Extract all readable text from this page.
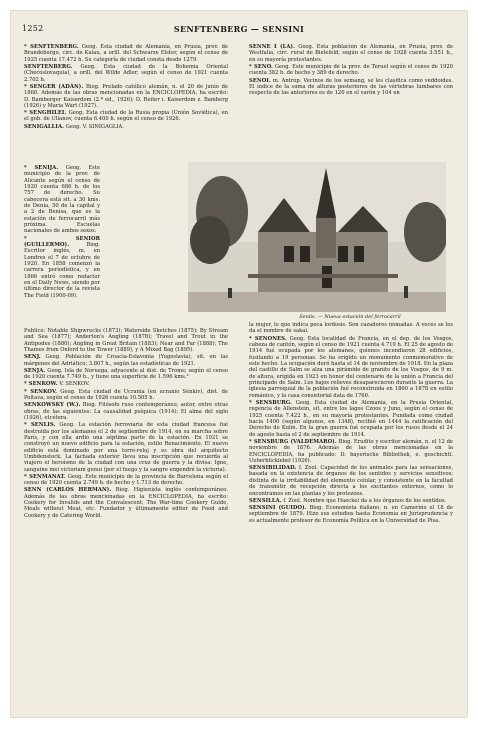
1252	SENFTENBERG — SENSINI

* SENFTENBERG. Geog. Esta ciudad de Alemania, en Prusia, prov. de Brandeburgo, circ. de Kalau, a orill. del Schwarze Elster, según el censo de 1925 cuenta 17.472 h. Su categoría de ciudad consta desde 1279.

SENFTENBERG. Geog. Esta ciudad de la Bohemia Oriental (Checoslovaquia), a orill. del Wilde Adler, según el censo de 1921 cuenta 2.702 h.

* SENGER (ADÁN). Biog. Prelado católico alemán, n. el 20 de junio de 1860. Además de las obras mencionadas en la ENCICLOPEDIA, ha escrito: D. Bamberger Kaiserdom (2.ª ed., 1926); D. Reiter i. Kaiserdom z. Bamberg (1926) y Maria Wart (1927).

* SENGHILEI. Geog. Esta ciudad de la Rusia propia (Unión Soviética), en el gob. de Ulianov, cuenta 6.400 h. según el censo de 1926.

SENIGALLIA. Geog. V. SINIGAGLIA.

* SENIJA. Geog. Este municipio de la prov. de Alicante según el censo de 1920 cuenta 686 h. de los 757 de derecho. Su cabecera está sit. a 30 kms. de Denia, 50 de la capital y a 2 de Benisa, que es la estación de ferrocarril más próxima. Escuelas nacionales de ambos sexos.

* SENIOR (GUILLERMO).	Biog. Escritor inglés, m. en Londres el 7 de octubre de 1920. En 1858 comenzó la carrera periodística, y en 1866 entró como redactor en el Daily News, siendo por último director de la revista The Field (1900-09).

Senlis. — Nueva estación del ferrocarril

Publicó: Notable Shipwrecks (1873); Waterside Sketches (1875); By Stream and Sea (1877); Anderton's Angling (1878); Travel and Trout in the Antipodes (1880); Angling in Great Britain (1883); Near and Far (1888); The Thames from Oxford to the Tower (1889), y A Mixed Bag (1895).

SENJ. Geog. Población de Croacia-Eslavonia (Yugoslavia), sit. en las márgenes del Adriático; 3.807 h., según las estadísticas de 1921.

SENJA. Geog. Isla de Noruega, adyacente al dist. de Troms; según el censo de 1920 cuenta 7.749 h., y tiene una superficie de 1.596 kms.²

* SENKOW. V. SENKOV.

* SENKOV. Geog. Esta ciudad de Ucrania (en ucranio Sénkiv), dist. de Poltava, según el censo de 1926 cuenta 10.505 h.

SENKOWSKY (W.). Biog. Filósofo ruso contemporáneo, autor, entre otras obras, de las siguientes: La causalidad psíquica (1914); El alma del siglo (1926), etcétera.

* SENLIS. Geog. La estación ferroviaria de esta ciudad francesa fué destruida por los alemanes el 2 de septiembre de 1914, en su marcha sobre París, y con ella ardió una séptima parte de la estación. En 1921 se construyó un nuevo edificio para la estación, estilo Renacimiento. El nuevo edificio está dominado por una torre-reloj y es obra del arquitecto Umbdenstock. La fachada exterior lleva una inscripción que recuerda al viajero el heroísmo de la ciudad con una cruz de guerra y la divisa: Igne, sanguine mei victoriam genui (por el fuego y la sangre engendré la victoria).

* SENMANAT. Geog. Este municipio de la provincia de Barcelona según el censo de 1920 cuenta 2.749 h. de hecho y 1.713 de derecho.

SENN (CARLOS HERMAN). Biog. Higienista inglés contemporáneo. Además de las obras mencionadas en la ENCICLOPEDIA, ha escrito: Cookery for Invalids and the Convalescent; The War-time Cookery Guide, Meals without Meat, etc. Fundador y últimamente editor de Food and Cookery y de Catering World.

SENNE I (LA). Geog. Esta población de Alemania, en Prusia, prov. de Westfalia, circ. rural de Bielefeld, según el censo de 1928 cuenta 3.551 h., en su mayoría protestantes.

* SENO. Geog. Este municipio de la prov. de Teruel según el censo de 1920 cuenta 382 h. de hecho y 389 de derecho.

SENOI. m. Antrop. Vecinos de los semang, se les clasifica como veddoides. El índice de la suma de alturas posteriores de las vértebras lumbares con respecto de las anteriores es de 120 en el varón y 104 en

la mujer, lo que indica poca lordosis. Son cazadores nómadas. A veces se les da el nombre de sakai.

* SENONES. Geog. Esta localidad de Francia, en el dep. de los Vosgos, cabeza de cantón, según el censo de 1921 cuenta 4.719 h. El 25 de agosto de 1914 fué ocupada por los alemanes, quienes incendiaron 28 edificios, fusilando a 19 personas. Se ha erigido un monumento conmemorativo de este hecho. La ocupación duró hasta el 14 de noviembre de 1918. En la plaza del castillo de Salm se alza una pirámide de granito de los Vosgos, de 9 m. de altura, erigida en 1923 en honor del centenario de la unión a Francia del principado de Salm. Los bajos relieves desaparecieron durante la guerra. La iglesia parroquial de la población fué reconstruida en 1860 a 1878 en estilo románico, y la casa consistorial data de 1760.

* SENSBURG. Geog. Esta ciudad de Alemania, en la Prusia Oriental, regencia de Allenstein, sit. entre los lagos Czoos y Juno, según el censo de 1925 cuenta 7.422 h., en su mayoría protestantes. Fundada como ciudad hacia 1400 (según algunos, en 1348), recibió en 1444 la ratificación del Derecho de Kulm. En la gran guerra fué ocupada por los rusos desde el 24 de agosto hasta el 2 de septiembre de 1914.

* SENSBURG (VALDEMARO). Biog. Erudito y escritor alemán, n. el 12 de noviembre de 1876. Además de las obras mencionadas en la ENCICLOPEDIA, ha publicado: D. bayerische Bibliothek, e. geschichtl. Ueberblicklebel (1926).

SENSIBILIDAD. f. Zool. Capacidad de los animales para las sensaciones, basada en la existencia de órganos de los sentidos y servicios sensitivos; distinta de la irritabilidad del elemento celular, y consistente en la facultad de transmitir de recepción directa a los excitantes externos, como lo encontramos en las plantas y los protozoos.

SENSILLA. f. Zool. Nombre que Haeckel da a los órganos de los sentidos.

SENSINI (GUIDO). Biog. Economista italiano, n. en Camerino el 18 de septiembre de 1879. Hizo sus estudios hasta Economía en Jurisprudencia y es actualmente profesor de Economía Política en la Universidad de Pisa.
